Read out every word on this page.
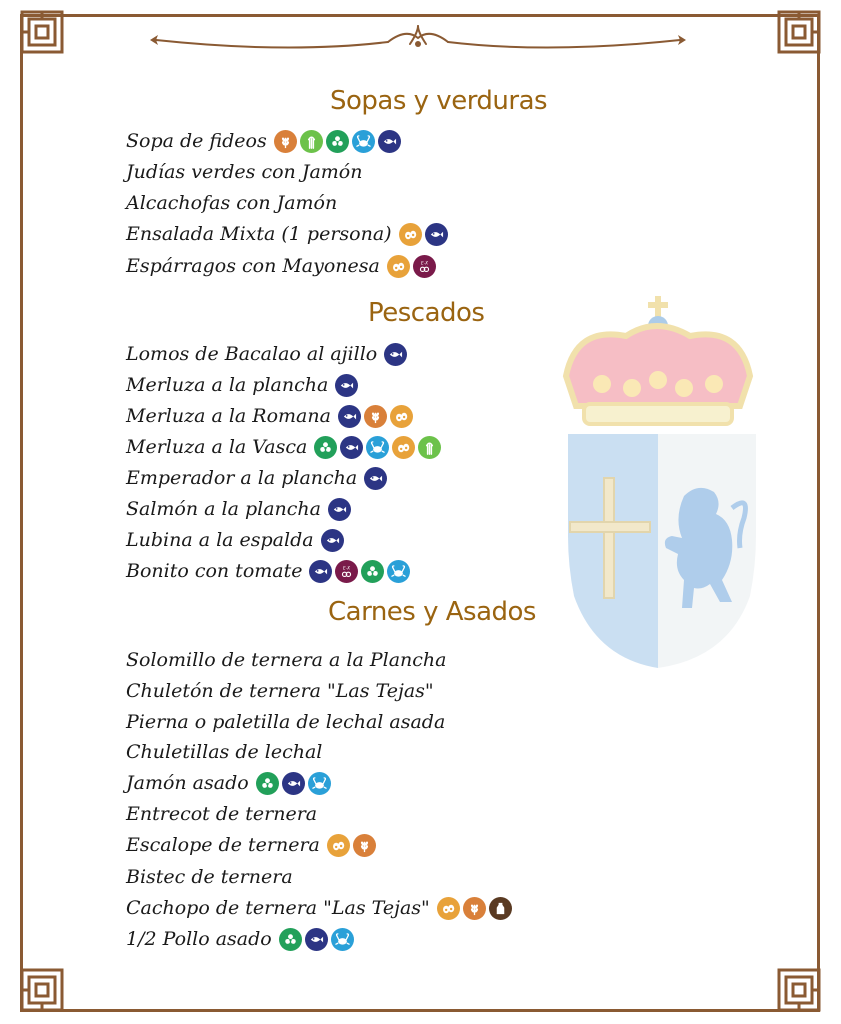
Sopas y verduras
Pescados
Carnes y Asados
Sopa de fideos
Judías verdes con Jamón
Alcachofas con Jamón
Ensalada Mixta (1 persona)
Espárragos con Mayonesa	E-X
Lomos de Bacalao al ajillo
Merluza a la plancha
Merluza a la Romana
Merluza a la Vasca
Emperador a la plancha
Salmón a la plancha
Lubina a la espalda
Bonito con tomate	E-X
Solomillo de ternera a la Plancha
Chuletón de ternera "Las Tejas"
Pierna o paletilla de lechal asada
Chuletillas de lechal
Jamón asado
Entrecot de ternera
Escalope de ternera
Bistec de ternera
Cachopo de ternera "Las Tejas"
1/2 Pollo asado
